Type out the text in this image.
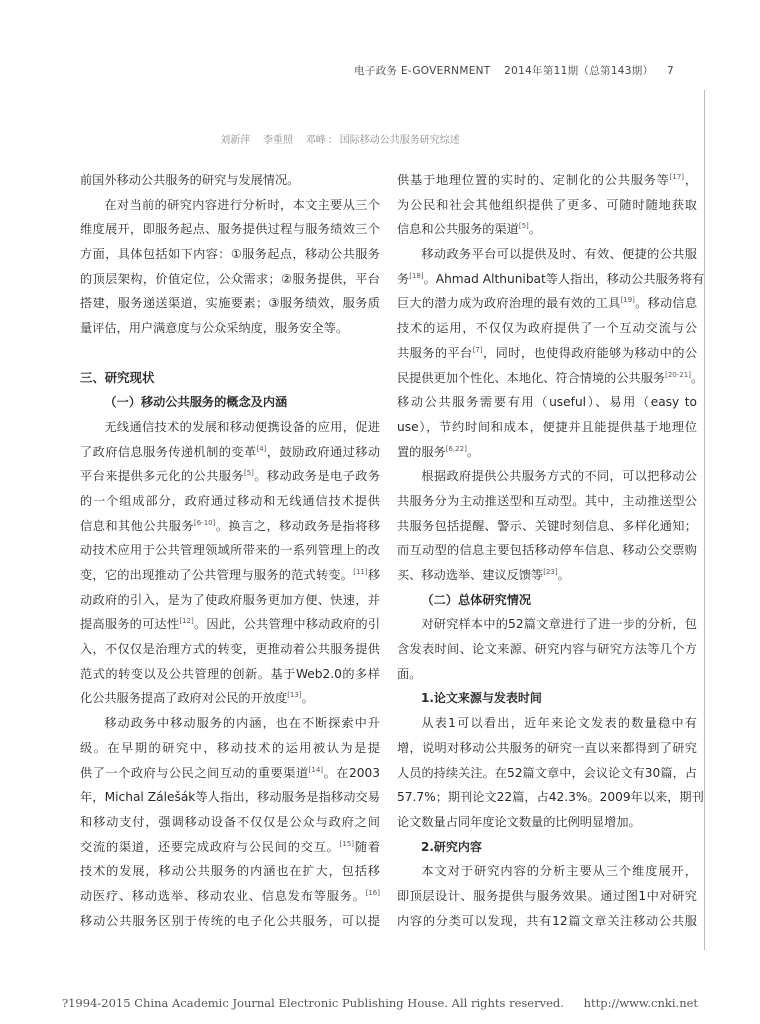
电子政务 E-GOVERNMENT 2014年第11期（总第143期） 7
刘新萍 李重照 邓峰 ： 国际移动公共服务研究综述
前国外移动公共服务的研究与发展情况。
在对当前的研究内容进行分析时，本文主要从三个
维度展开，即服务起点、服务提供过程与服务绩效三个
方面，具体包括如下内容：①服务起点，移动公共服务
的顶层架构，价值定位，公众需求；②服务提供，平台
搭建，服务递送渠道，实施要素；③服务绩效，服务质
量评估，用户满意度与公众采纳度，服务安全等。
三、研究现状
（一）移动公共服务的概念及内涵
无线通信技术的发展和移动便携设备的应用，促进
了政府信息服务传递机制的变革[4]，鼓励政府通过移动
平台来提供多元化的公共服务[5]。移动政务是电子政务
的一个组成部分，政府通过移动和无线通信技术提供
信息和其他公共服务[6-10]。换言之，移动政务是指将移
动技术应用于公共管理领域所带来的一系列管理上的改
变，它的出现推动了公共管理与服务的范式转变。[11]移
动政府的引入，是为了使政府服务更加方便、快速，并
提高服务的可达性[12]。因此，公共管理中移动政府的引
入，不仅仅是治理方式的转变，更推动着公共服务提供
范式的转变以及公共管理的创新。基于Web2.0的多样
化公共服务提高了政府对公民的开放度[13]。
移动政务中移动服务的内涵，也在不断探索中升
级。在早期的研究中，移动技术的运用被认为是提
供了一个政府与公民之间互动的重要渠道[14]。在2003
年，Michal Zálešák等人指出，移动服务是指移动交易
和移动支付，强调移动设备不仅仅是公众与政府之间
交流的渠道，还要完成政府与公民间的交互。[15]随着
技术的发展，移动公共服务的内涵也在扩大，包括移
动医疗、移动选举、移动农业、信息发布等服务。[16]
移动公共服务区别于传统的电子化公共服务，可以提
供基于地理位置的实时的、定制化的公共服务等[17]，
为公民和社会其他组织提供了更多、可随时随地获取
信息和公共服务的渠道[5]。
移动政务平台可以提供及时、有效、便捷的公共服
务[18]。Ahmad Althunibat等人指出，移动公共服务将有
巨大的潜力成为政府治理的最有效的工具[19]。移动信息
技术的运用，不仅仅为政府提供了一个互动交流与公
共服务的平台[7]，同时，也使得政府能够为移动中的公
民提供更加个性化、本地化、符合情境的公共服务[20-21]。
移动公共服务需要有用（useful）、易用（easy to
use），节约时间和成本，便捷并且能提供基于地理位
置的服务[6,22]。
根据政府提供公共服务方式的不同，可以把移动公
共服务分为主动推送型和互动型。其中，主动推送型公
共服务包括提醒、警示、关键时刻信息、多样化通知；
而互动型的信息主要包括移动停车信息、移动公交票购
买、移动选举、建议反馈等[23]。
（二）总体研究情况
对研究样本中的52篇文章进行了进一步的分析，包
含发表时间、论文来源、研究内容与研究方法等几个方
面。
1.论文来源与发表时间
从表1可以看出，近年来论文发表的数量稳中有
增，说明对移动公共服务的研究一直以来都得到了研究
人员的持续关注。在52篇文章中，会议论文有30篇，占
57.7%；期刊论文22篇，占42.3%。2009年以来，期刊
论文数量占同年度论文数量的比例明显增加。
2.研究内容
本文对于研究内容的分析主要从三个维度展开，
即顶层设计、服务提供与服务效果。通过图1中对研究
内容的分类可以发现，共有12篇文章关注移动公共服
?1994-2015 China Academic Journal Electronic Publishing House. All rights reserved. http://www.cnki.net
